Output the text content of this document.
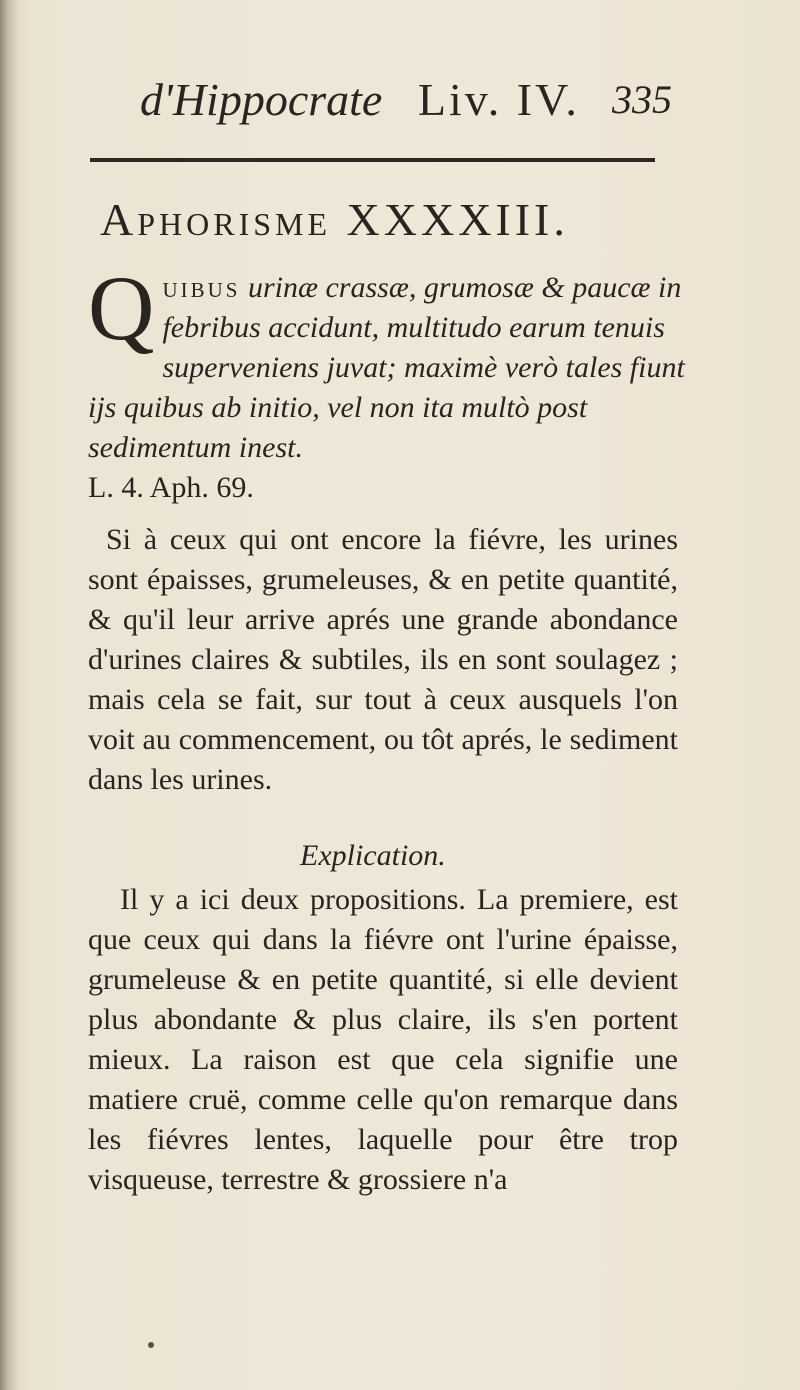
d'Hippocrate Liv. IV. 335
Aphorisme XXXXIII.
Q uibus urinæ crassæ, grumosæ & paucæ in febribus accidunt, multitudo earum tenuis superveniens juvat; maximè verò tales fiunt ijs quibus ab initio, vel non ita multò post sedimentum inest.
L. 4. Aph. 69.
Si à ceux qui ont encore la fiévre, les urines sont épaisses, grumeleuses, & en petite quantité, & qu'il leur arrive aprés une grande abondance d'urines claires & subtiles, ils en sont soulagez ; mais cela se fait, sur tout à ceux ausquels l'on voit au commencement, ou tôt aprés, le sediment dans les urines.
Explication.
Il y a ici deux propositions. La premiere, est que ceux qui dans la fiévre ont l'urine épaisse, grumeleuse & en petite quantité, si elle devient plus abondante & plus claire, ils s'en portent mieux. La raison est que cela signifie une matiere cruë, comme celle qu'on remarque dans les fiévres lentes, laquelle pour être trop visqueuse, terrestre & grossiere n'a
